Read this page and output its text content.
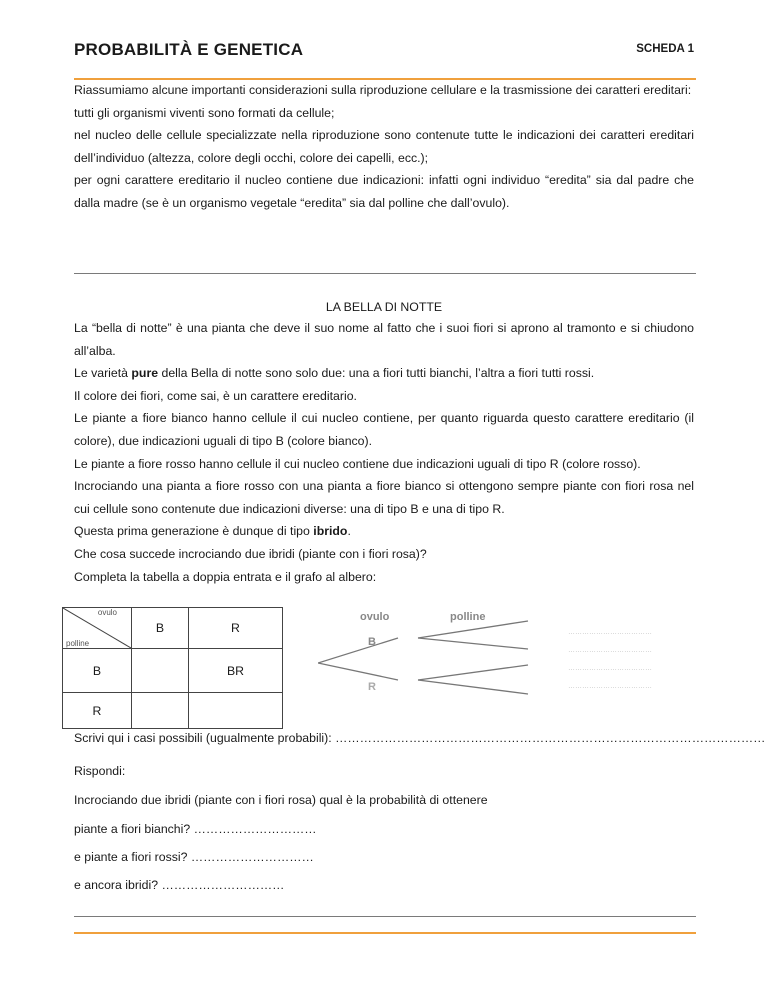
PROBABILITÀ E GENETICA	SCHEDA 1

Riassumiamo alcune importanti considerazioni sulla riproduzione cellulare e la trasmissione dei caratteri ereditari:

tutti gli organismi viventi sono formati da cellule;

nel nucleo delle cellule specializzate nella riproduzione sono contenute tutte le indicazioni dei caratteri ereditari dell’individuo (altezza, colore degli occhi, colore dei capelli, ecc.);

per ogni carattere ereditario il nucleo contiene due indicazioni: infatti ogni individuo “eredita” sia dal padre che dalla madre (se è un organismo vegetale “eredita” sia dal polline che dall’ovulo).

LA BELLA DI NOTTE

La “bella di notte” è una pianta che deve il suo nome al fatto che i suoi fiori si aprono al tramonto e si chiudono all’alba.

Le varietà pure della Bella di notte sono solo due: una a fiori tutti bianchi, l’altra a fiori tutti rossi.

Il colore dei fiori, come sai, è un carattere ereditario.

Le piante a fiore bianco hanno cellule il cui nucleo contiene, per quanto riguarda questo carattere ereditario (il colore), due indicazioni uguali di tipo B (colore bianco).

Le piante a fiore rosso hanno cellule il cui nucleo contiene due indicazioni uguali di tipo R (colore rosso).

Incrociando una pianta a fiore rosso con una pianta a fiore bianco si ottengono sempre piante con fiori rosa nel cui cellule sono contenute due indicazioni diverse: una di tipo B e una di tipo R.

Questa prima generazione è dunque di tipo ibrido.

Che cosa succede incrociando due ibridi (piante con i fiori rosa)?

Completa la tabella a doppia entrata e il grafo al albero:

ovulo
polline	B	R
B		BR
R		
ovulo	polline
B
R
………………………………
………………………………
………………………………
………………………………
Scrivi qui i casi possibili (ugualmente probabili): ……………………………………………………………………………………………
Rispondi:
Incrociando due ibridi (piante con i fiori rosa) qual è la probabilità di ottenere
piante a fiori bianchi? …………………………
e piante a fiori rossi? …………………………
e ancora ibridi? …………………………
